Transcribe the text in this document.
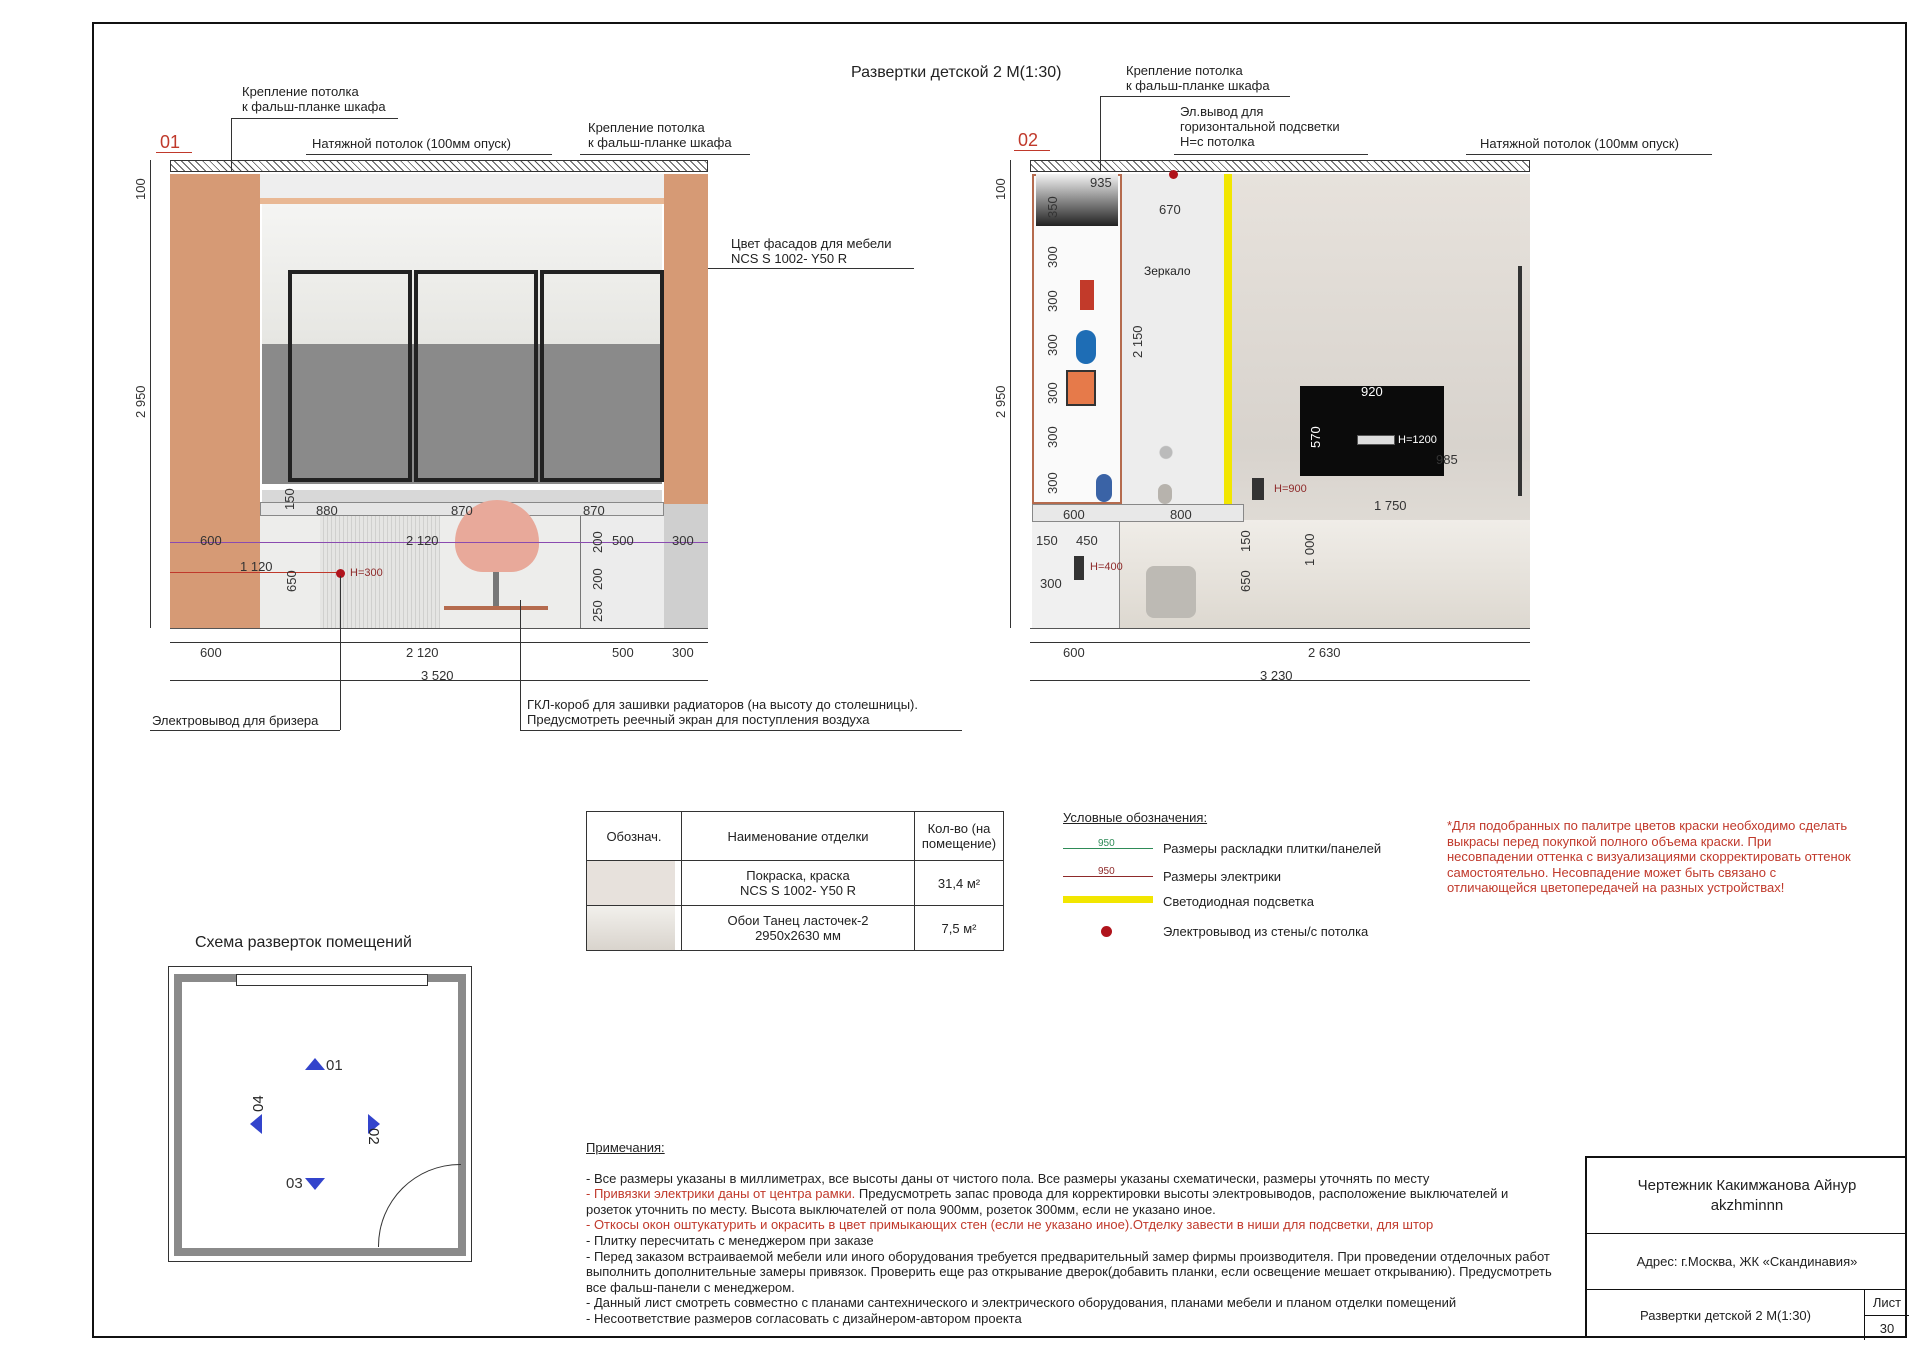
Развертки детской 2 М(1:30)
01
100
2 950
150
880	870	870
600	2 120	200 500	300
1 120
650	200
250
H=300
600	2 120	500	300
3 520
Крепление потолка
к фальш-планке шкафа
Натяжной потолок (100мм опуск)
Крепление потолка
к фальш-планке шкафа
Цвет фасадов для мебели
NCS S 1002- Y50 R
Электровывод для бризера
ГКЛ-короб для зашивки радиаторов (на высоту до столешницы).
Предусмотреть реечный экран для поступления воздуха
02
Зеркало
100
2 950
935
670
350
300
300
300
300
300
300
2 150
920
570	H=1200
985
H=900
600	800
1 750
150 450	150
H=400
300	650
1 000
600	2 630
3 230
Крепление потолка
к фальш-планке шкафа
Эл.вывод для
горизонтальной подсветки
Н=с потолка	Натяжной потолок (100мм опуск)
Обознач.	Наименование отделки	Кол-во (на помещение)

	Покраска, краска
NCS S 1002- Y50 R	31,4 м²

	Обои Танец ласточек-2
2950х2630 мм	7,5 м²
Условные обозначения:
950	Размеры раскладки плитки/панелей
950	Размеры электрики
Светодиодная подсветка
Электровывод из стены/с потолка
*Для подобранных по палитре цветов краски необходимо сделать выкрасы перед покупкой полного объема краски. При несовпадении оттенка с визуализациями скорректировать оттенок самостоятельно. Несовпадение может быть связано с отличающейся цветопередачей на разных устройствах!
Схема разверток помещений
01
02
03
04
Примечания:
- Все размеры указаны в миллиметрах, все высоты даны от чистого пола. Все размеры указаны схематически, размеры уточнять по месту
- Привязки электрики даны от центра рамки. Предусмотреть запас провода для корректировки высоты электровыводов, расположение выключателей и розеток уточнить по месту. Высота выключателей от пола 900мм, розеток 300мм, если не указано иное.
- Откосы окон оштукатурить и окрасить в цвет примыкающих стен (если не указано иное).Отделку завести в ниши для подсветки, для штор
- Плитку пересчитать с менеджером при заказе
- Перед заказом встраиваемой мебели или иного оборудования требуется предварительный замер фирмы производителя. При проведении отделочных работ выполнить дополнительные замеры привязок. Проверить еще раз открывание дверок(добавить планки, если освещение мешает открыванию). Предусмотреть все фальш-панели с менеджером.
- Данный лист смотреть совместно с планами сантехнического и электрического оборудования, планами мебели и планом отделки помещений
- Несоответствие размеров согласовать с дизайнером-автором проекта
Чертежник Какимжанова Айнур
akzhminnn
Адрес: г.Москва, ЖК «Скандинавия»
Развертки детской 2 М(1:30)
Лист
30
